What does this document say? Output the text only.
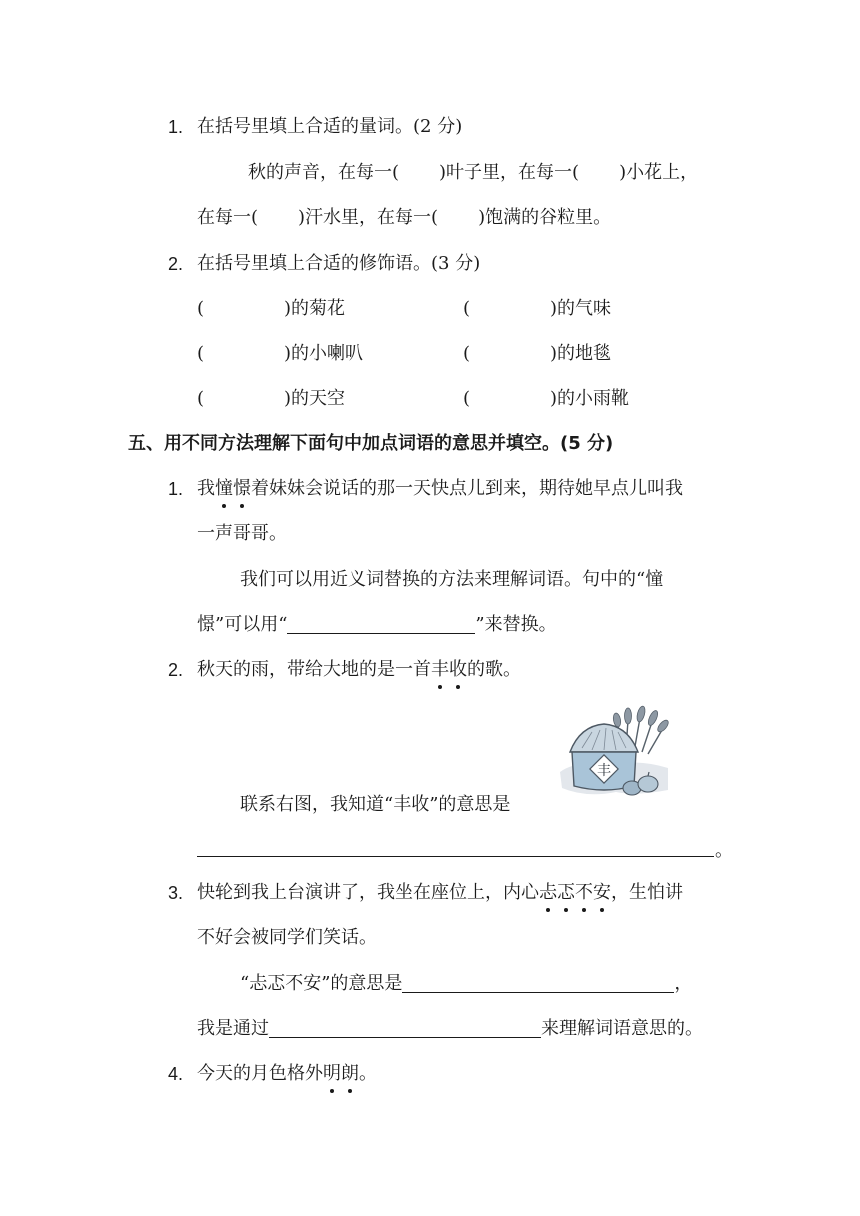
1. 在括号里填上合适的量词。(2 分)
秋的声音，在每一( )叶子里，在每一( )小花上，
在每一( )汗水里，在每一( )饱满的谷粒里。
2. 在括号里填上合适的修饰语。(3 分)
(	)的菊花	(	)的气味
(	)的小喇叭	(	)的地毯
(	)的天空	(	)的小雨靴
五、用不同方法理解下面句中加点词语的意思并填空。(5 分)
1. 我憧憬着妹妹会说话的那一天快点儿到来，期待她早点儿叫我
一声哥哥。
我们可以用近义词替换的方法来理解词语。句中的“憧
憬”可以用“	”来替换。
2. 秋天的雨，带给大地的是一首丰收的歌。
丰
联系右图，我知道“丰收”的意思是
。
3. 快轮到我上台演讲了，我坐在座位上，内心忐忑不安，生怕讲
不好会被同学们笑话。
“忐忑不安”的意思是	，
我是通过	来理解词语意思的。
4. 今天的月色格外明朗。
